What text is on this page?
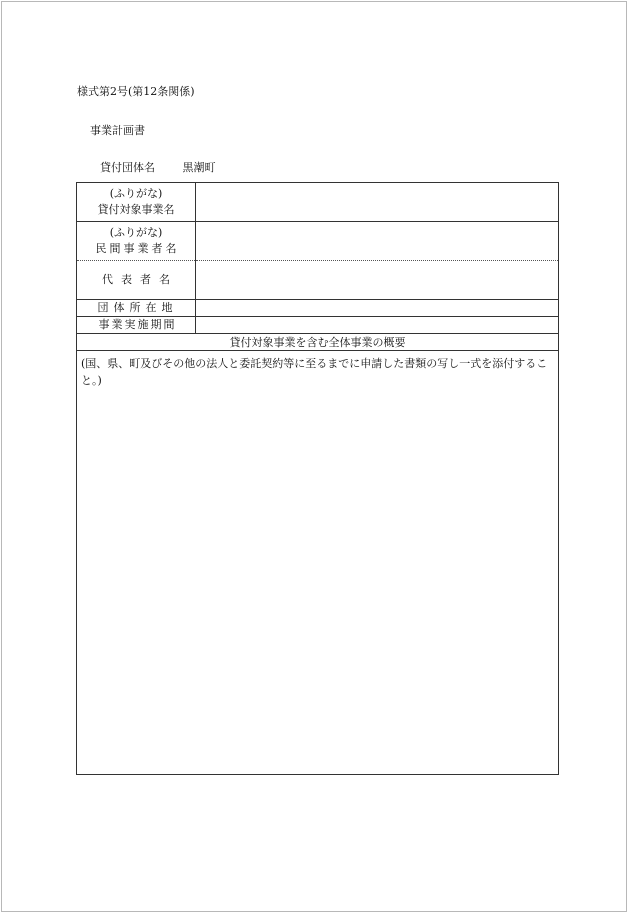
様式第2号(第12条関係)
事業計画書
貸付団体名	黒潮町
(ふりがな)
貸付対象事業名	

(ふりがな)
民間事業者名	

代表者名	
団体所在地	
事業実施期間	
貸付対象事業を含む全体事業の概要	

(国、県、町及びその他の法人と委託契約等に至るまでに申請した書類の写し一式を添付すること。)	
